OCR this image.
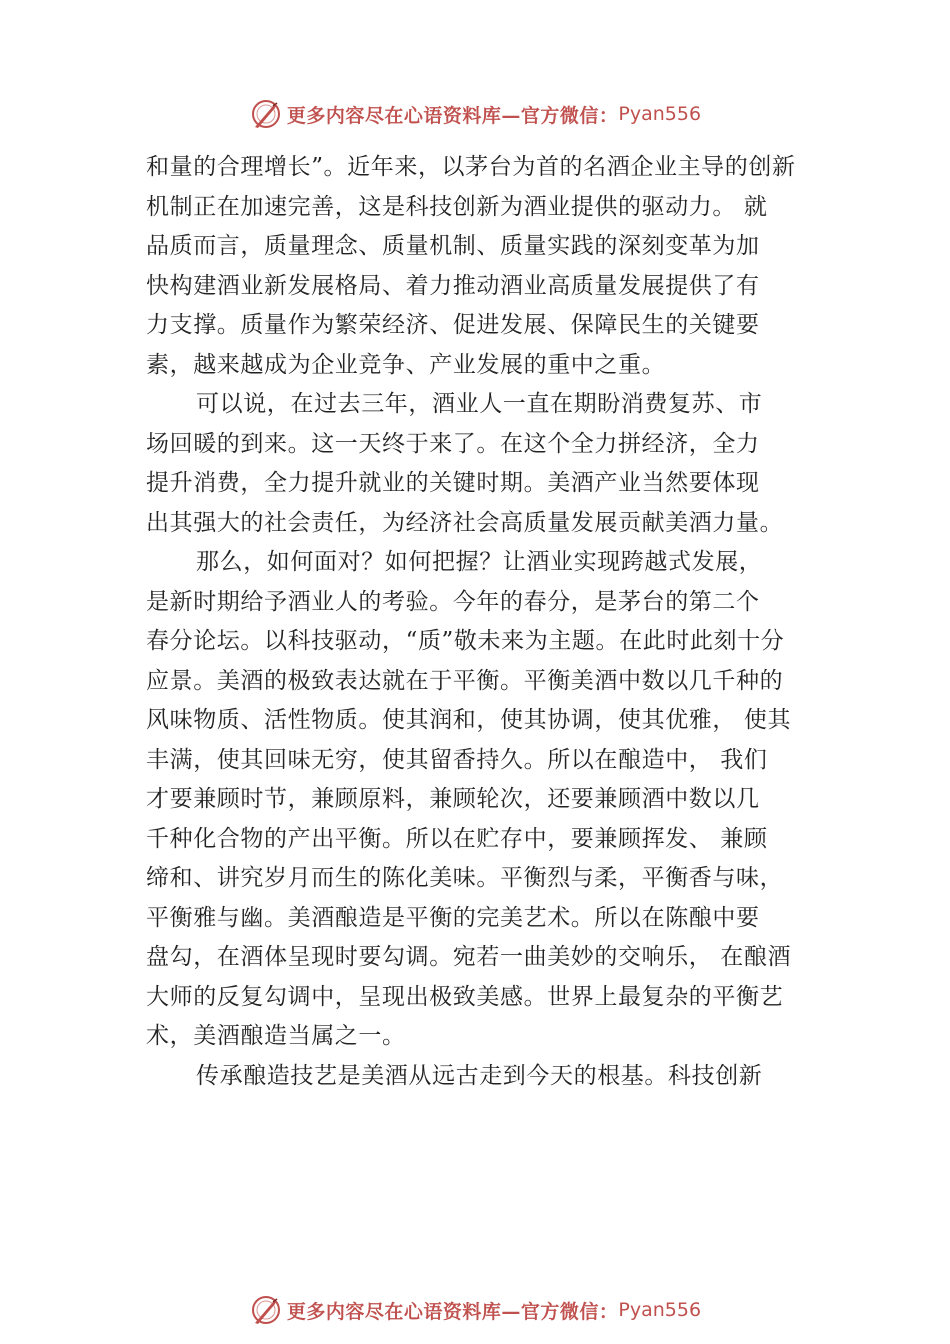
更多内容尽在心语资料库—官方微信： Pyan556
和量的合理增长”。近年来，以茅台为首的名酒企业主导的创新
机制正在加速完善，这是科技创新为酒业提供的驱动力。 就
品质而言，质量理念、质量机制、质量实践的深刻变革为加
快构建酒业新发展格局、着力推动酒业高质量发展提供了有
力支撑。质量作为繁荣经济、促进发展、保障民生的关键要
素，越来越成为企业竞争、产业发展的重中之重。
可以说，在过去三年，酒业人一直在期盼消费复苏、市
场回暖的到来。这一天终于来了。在这个全力拼经济，全力
提升消费，全力提升就业的关键时期。美酒产业当然要体现
出其强大的社会责任，为经济社会高质量发展贡献美酒力量。
那么，如何面对？如何把握？让酒业实现跨越式发展，
是新时期给予酒业人的考验。今年的春分，是茅台的第二个
春分论坛。以科技驱动，“质”敬未来为主题。在此时此刻十分
应景。美酒的极致表达就在于平衡。平衡美酒中数以几千种的
风味物质、活性物质。使其润和，使其协调，使其优雅， 使其
丰满，使其回味无穷，使其留香持久。所以在酿造中， 我们
才要兼顾时节，兼顾原料，兼顾轮次，还要兼顾酒中数以几
千种化合物的产出平衡。所以在贮存中，要兼顾挥发、 兼顾
缔和、讲究岁月而生的陈化美味。平衡烈与柔，平衡香与味，
平衡雅与幽。美酒酿造是平衡的完美艺术。所以在陈酿中要
盘勾，在酒体呈现时要勾调。宛若一曲美妙的交响乐， 在酿酒
大师的反复勾调中，呈现出极致美感。世界上最复杂的平衡艺
术，美酒酿造当属之一。
传承酿造技艺是美酒从远古走到今天的根基。科技创新
更多内容尽在心语资料库—官方微信： Pyan556
